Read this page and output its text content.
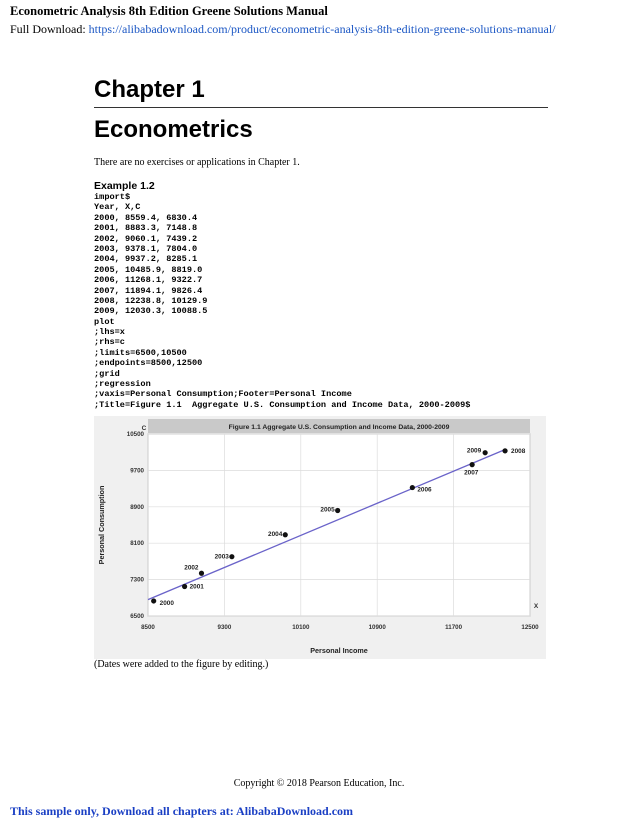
Econometric Analysis 8th Edition Greene Solutions Manual
Full Download: https://alibabadownload.com/product/econometric-analysis-8th-edition-greene-solutions-manual/
Chapter 1
Econometrics
There are no exercises or applications in Chapter 1.
Example 1.2
import$
Year, X,C
2000, 8559.4, 6830.4
2001, 8883.3, 7148.8
2002, 9060.1, 7439.2
2003, 9378.1, 7804.0
2004, 9937.2, 8285.1
2005, 10485.9, 8819.0
2006, 11268.1, 9322.7
2007, 11894.1, 9826.4
2008, 12238.8, 10129.9
2009, 12030.3, 10088.5
plot
;lhs=x
;rhs=c
;limits=6500,10500
;endpoints=8500,12500
;grid
;regression
;vaxis=Personal Consumption;Footer=Personal Income
;Title=Figure 1.1  Aggregate U.S. Consumption and Income Data, 2000-2009$
Figure 1.1 Aggregate U.S. Consumption and Income Data, 2000-2009
8500	9300	10100	10900	11700	12500
6500
7300
8100
8900
9700
10500
C
X
Personal Income
Personal Consumption
2000
2001
2002
2003
2004
2005
2006
2007
2008
2009
(Dates were added to the figure by editing.)
Copyright © 2018 Pearson Education, Inc.
This sample only, Download all chapters at: AlibabaDownload.com
